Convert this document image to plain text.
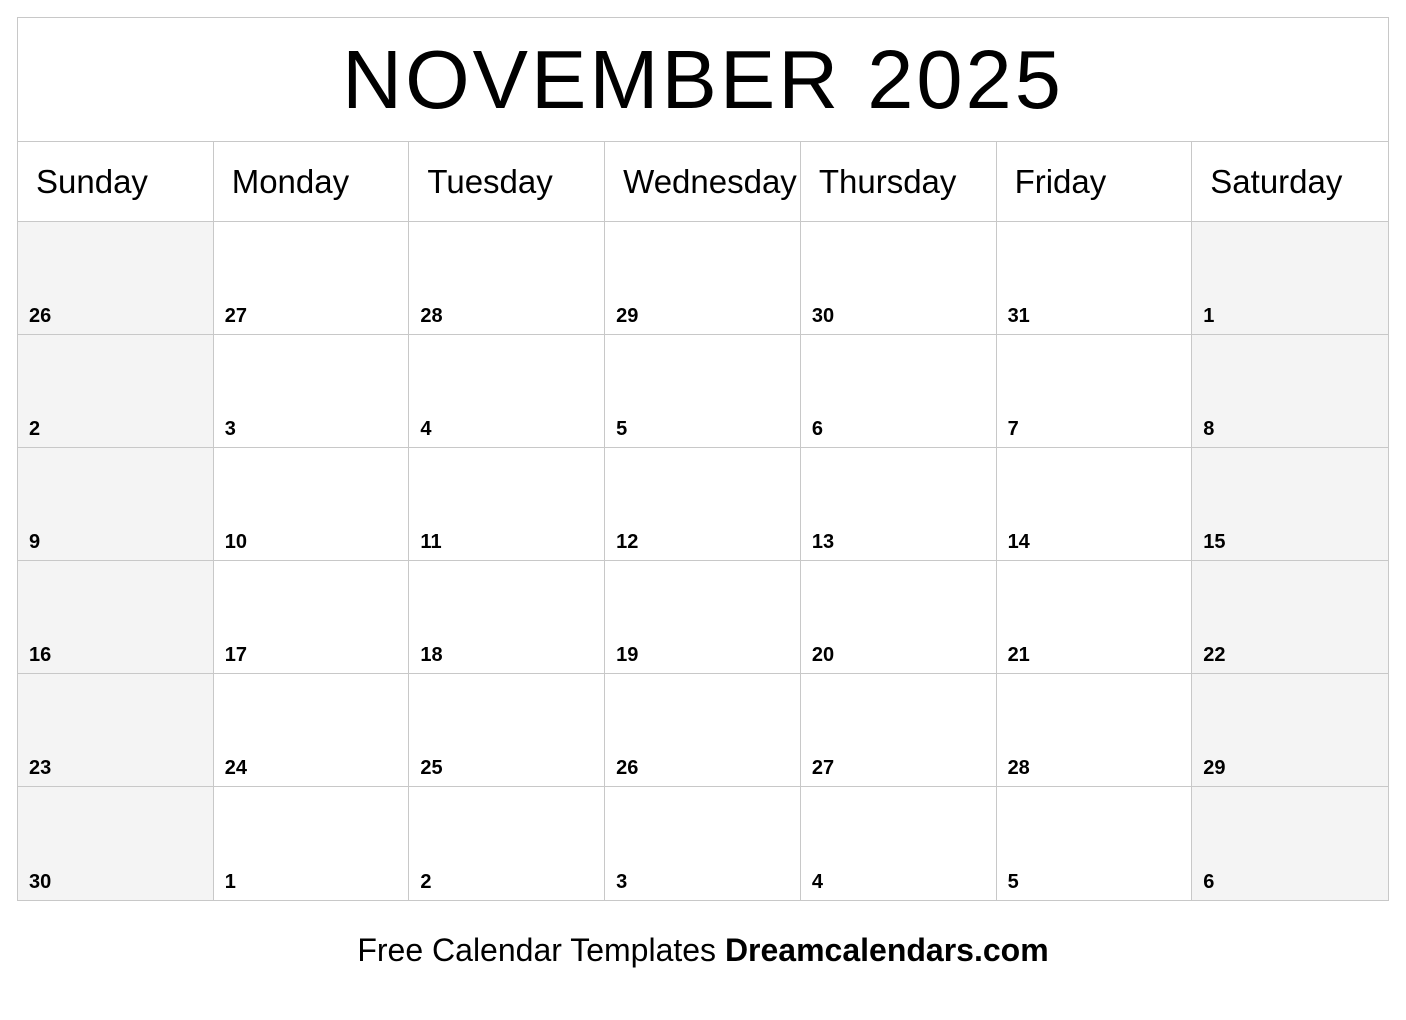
NOVEMBER 2025
Sunday	Monday	Tuesday	Wednesday Thursday	Friday	Saturday
26	27	28	29	30	31	1
2	3	4	5	6	7	8
9	10	11	12	13	14	15
16	17	18	19	20	21	22
23	24	25	26	27	28	29
30	1	2	3	4	5	6
Free Calendar Templates Dreamcalendars.com
